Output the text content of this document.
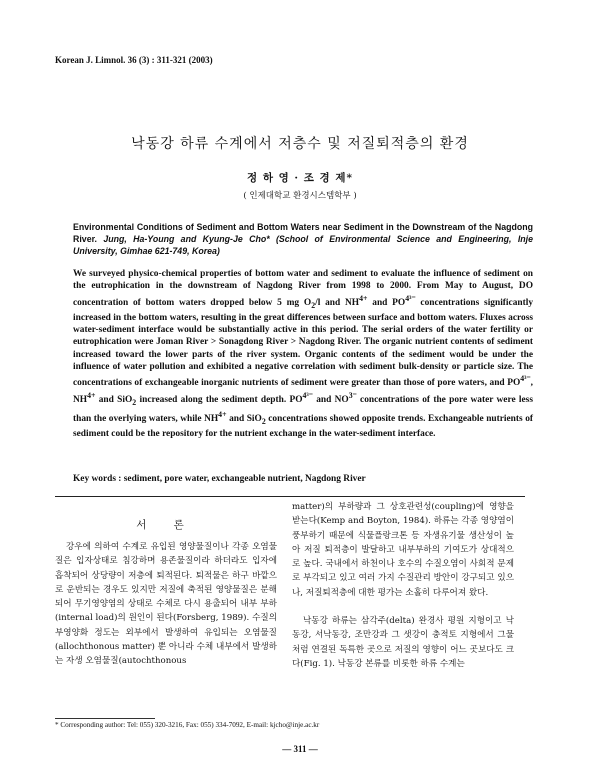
Korean J. Limnol. 36 (3) : 311-321 (2003)
낙동강 하류 수계에서 저층수 및 저질퇴적층의 환경
정 하 영 · 조 경 제*
( 인제대학교 환경시스템학부 )
Environmental Conditions of Sediment and Bottom Waters near Sediment in the Downstream of the Nagdong River. Jung, Ha-Young and Kyung-Je Cho* (School of Environmental Science and Engineering, Inje University, Gimhae 621-749, Korea)
We surveyed physico-chemical properties of bottom water and sediment to evaluate the influence of sediment on the eutrophication in the downstream of Nagdong River from 1998 to 2000. From May to August, DO concentration of bottom waters dropped below 5 mg $O_2/l$ and $NH^{4+}$ and $PO^{4^{3-}}$ concentrations significantly increased in the bottom waters, resulting in the great differences between surface and bottom waters. Fluxes across water-sediment interface would be substantially active in this period. The serial orders of the water fertility or eutrophication were Joman River > Sonagdong River > Nagdong River. The organic nutrient contents of sediment increased toward the lower parts of the river system. Organic contents of the sediment would be under the influence of water pollution and exhibited a negative correlation with sediment bulk-density or particle size. The concentrations of exchangeable inorganic nutrients of sediment were greater than those of pore waters, and $PO^{4^{3-}}$, $NH^{4+}$ and SiO$_2$ increased along the sediment depth. $PO^{4^{3-}}$ and $NO^{3^-}$ concentrations of the pore water were less than the overlying waters, while $NH^{4+}$ and SiO$_2$ concentrations showed opposite trends. Exchangeable nutrients of sediment could be the repository for the nutrient exchange in the water-sediment interface.
Key words : sediment, pore water, exchangeable nutrient, Nagdong River
서 론
강우에 의하여 수계로 유입된 영양물질이나 각종 오염물질은 입자상태로 침강하며 용존물질이라 하더라도 입자에 흡착되어 상당량이 저층에 퇴적된다. 퇴적물은 하구 바깥으로 운반되는 경우도 있지만 저질에 축적된 영양물질은 분해되어 무기영양염의 상태로 수체로 다시 용출되어 내부 부하(internal load)의 원인이 된다(Forsberg, 1989). 수질의 부영양화 정도는 외부에서 발생하여 유입되는 오염물질(allochthonous matter) 뿐 아니라 수체 내부에서 발생하는 자생 오염물질(autochthonous
matter)의 부하량과 그 상호관련성(coupling)에 영향을 받는다(Kemp and Boyton, 1984). 하류는 각종 영양염이 풍부하기 때문에 식물플랑크톤 등 자생유기물 생산성이 높아 저질 퇴적층이 발달하고 내부부하의 기여도가 상대적으로 높다. 국내에서 하천이나 호수의 수질오염이 사회적 문제로 부각되고 있고 여러 가지 수질관리 방안이 강구되고 있으나, 저질퇴적층에 대한 평가는 소홀히 다루어져 왔다.
낙동강 하류는 삼각주(delta) 완경사 평원 지형이고 낙동강, 서낙동강, 조만강과 그 샛강이 충적토 지형에서 그물처럼 연결된 독특한 곳으로 저질의 영향이 어느 곳보다도 크다(Fig. 1). 낙동강 본류를 비롯한 하류 수계는
* Corresponding author: Tel: 055) 320-3216, Fax: 055) 334-7092, E-mail: kjcho@inje.ac.kr
— 311 —
